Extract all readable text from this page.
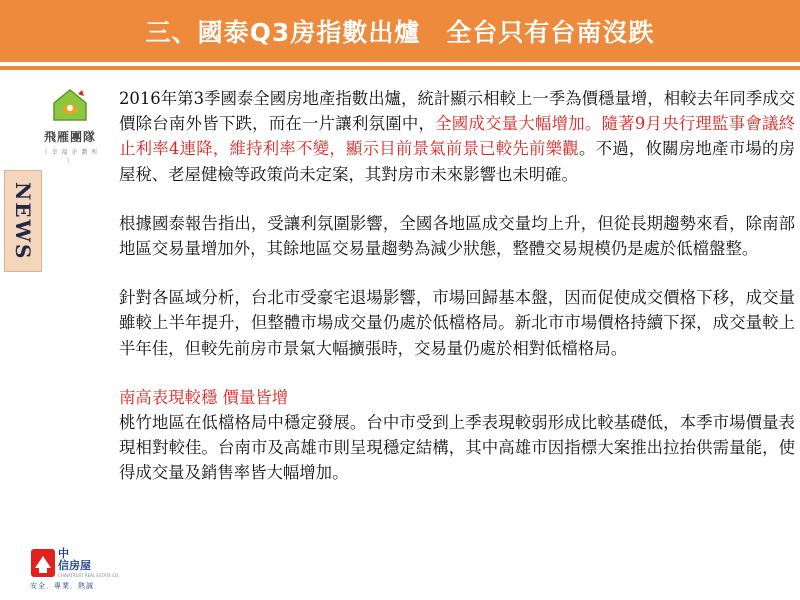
三、國泰Q3房指數出爐　全台只有台南沒跌
飛雁團隊
（ 幸 福 企 劃 所 ）
NEWS

2016年第3季國泰全國房地產指數出爐，統計顯示相較上一季為價穩量增，相較去年同季成交價除台南外皆下跌，而在一片讓利氛圍中，全國成交量大幅增加。隨著9月央行理監事會議終止利率4連降，維持利率不變，顯示目前景氣前景已較先前樂觀。不過，攸關房地產市場的房屋稅、老屋健檢等政策尚未定案，其對房市未來影響也未明確。

根據國泰報告指出，受讓利氛圍影響，全國各地區成交量均上升，但從長期趨勢來看，除南部地區交易量增加外，其餘地區交易量趨勢為減少狀態，整體交易規模仍是處於低檔盤整。

針對各區域分析，台北市受豪宅退場影響，市場回歸基本盤，因而促使成交價格下移，成交量雖較上半年提升，但整體市場成交量仍處於低檔格局。新北市市場價格持續下探，成交量較上半年佳，但較先前房市景氣大幅擴張時，交易量仍處於相對低檔格局。

南高表現較穩 價量皆增

桃竹地區在低檔格局中穩定發展。台中市受到上季表現較弱形成比較基礎低，本季市場價量表現相對較佳。台南市及高雄市則呈現穩定結構，其中高雄市因指標大案推出拉抬供需量能，使得成交量及銷售率皆大幅增加。

中
信房屋
CHINATRUST REAL ESTATE CO.
安全．專業．熱誠
